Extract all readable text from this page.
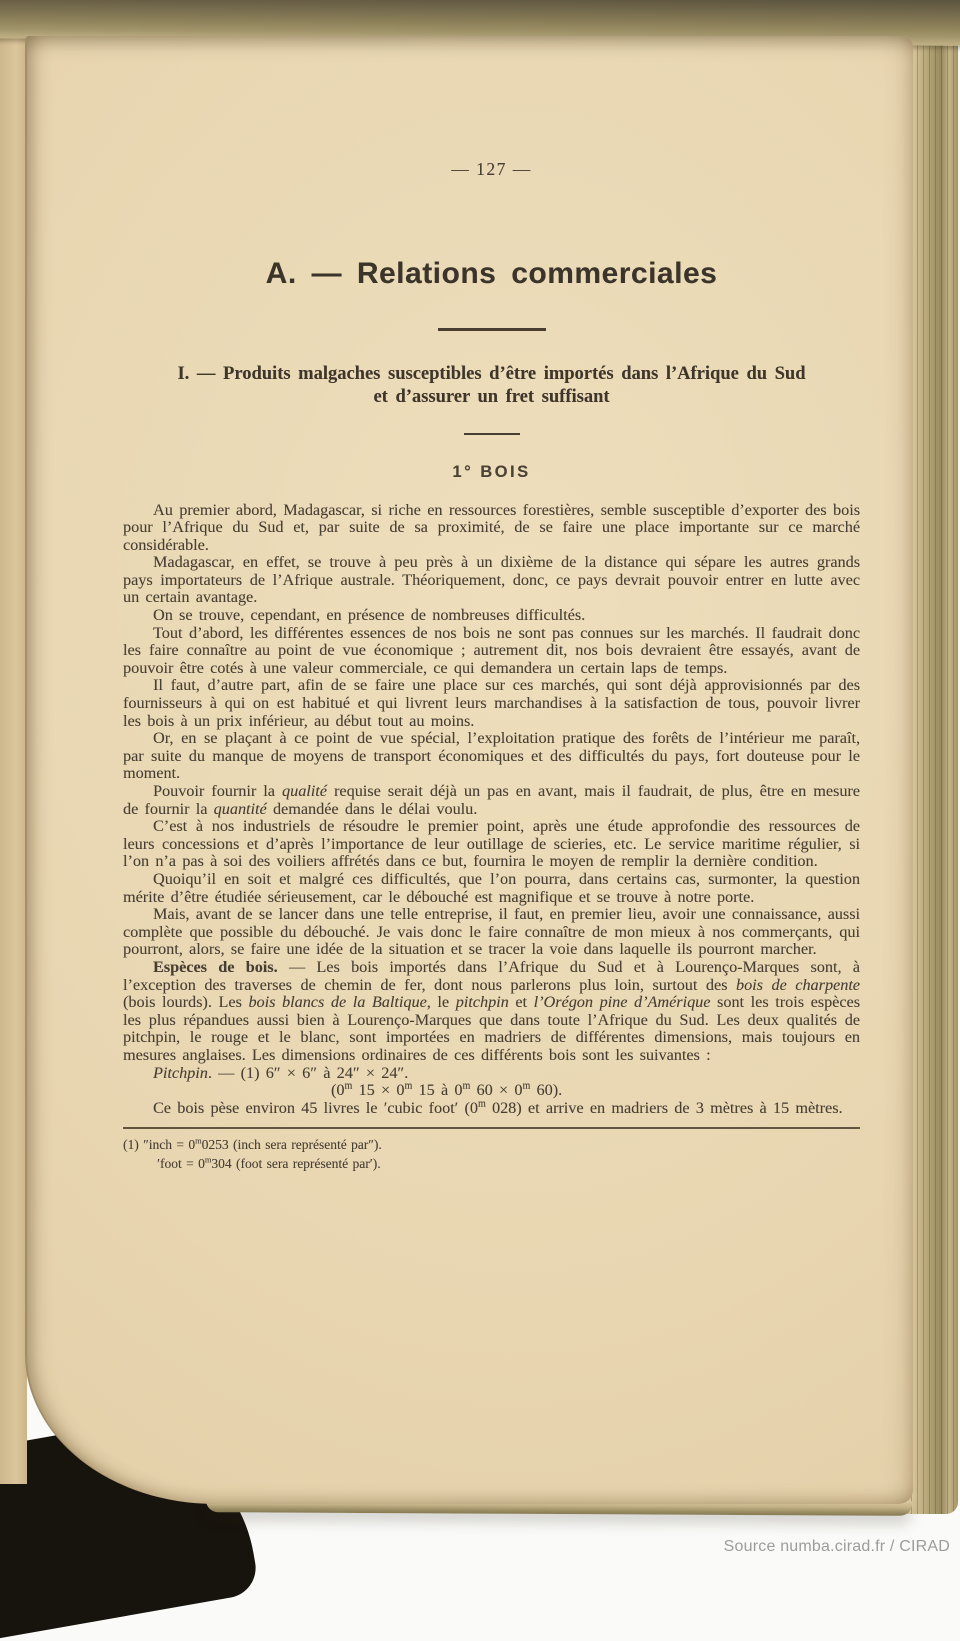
— 127 —
A. — Relations commerciales
I. — Produits malgaches susceptibles d’être importés dans l’Afrique du Sud
et d’assurer un fret suffisant
1° BOIS

Au premier abord, Madagascar, si riche en ressources forestières, semble susceptible d’exporter des bois pour l’Afrique du Sud et, par suite de sa proximité, de se faire une place importante sur ce marché considérable.

Madagascar, en effet, se trouve à peu près à un dixième de la distance qui sépare les autres grands pays importateurs de l’Afrique australe. Théoriquement, donc, ce pays devrait pouvoir entrer en lutte avec un certain avantage.

On se trouve, cependant, en présence de nombreuses difficultés.

Tout d’abord, les différentes essences de nos bois ne sont pas connues sur les marchés. Il faudrait donc les faire connaître au point de vue économique ; autrement dit, nos bois devraient être essayés, avant de pouvoir être cotés à une valeur commerciale, ce qui demandera un certain laps de temps.

Il faut, d’autre part, afin de se faire une place sur ces marchés, qui sont déjà approvisionnés par des fournisseurs à qui on est habitué et qui livrent leurs marchandises à la satisfaction de tous, pouvoir livrer les bois à un prix inférieur, au début tout au moins.

Or, en se plaçant à ce point de vue spécial, l’exploitation pratique des forêts de l’intérieur me paraît, par suite du manque de moyens de transport économiques et des difficultés du pays, fort douteuse pour le moment.

Pouvoir fournir la qualité requise serait déjà un pas en avant, mais il faudrait, de plus, être en mesure de fournir la quantité demandée dans le délai voulu.

C’est à nos industriels de résoudre le premier point, après une étude approfondie des ressources de leurs concessions et d’après l’importance de leur outillage de scieries, etc. Le service maritime régulier, si l’on n’a pas à soi des voiliers affrétés dans ce but, fournira le moyen de remplir la dernière condition.

Quoiqu’il en soit et malgré ces difficultés, que l’on pourra, dans certains cas, surmonter, la question mérite d’être étudiée sérieusement, car le débouché est magnifique et se trouve à notre porte.

Mais, avant de se lancer dans une telle entreprise, il faut, en premier lieu, avoir une connaissance, aussi complète que possible du débouché. Je vais donc le faire connaître de mon mieux à nos commerçants, qui pourront, alors, se faire une idée de la situation et se tracer la voie dans laquelle ils pourront marcher.

Espèces de bois. — Les bois importés dans l’Afrique du Sud et à Lourenço-Marques sont, à l’exception des traverses de chemin de fer, dont nous parlerons plus loin, surtout des bois de charpente (bois lourds). Les bois blancs de la Baltique, le pitchpin et l’Orégon pine d’Amérique sont les trois espèces les plus répandues aussi bien à Lourenço-Marques que dans toute l’Afrique du Sud. Les deux qualités de pitchpin, le rouge et le blanc, sont importées en madriers de différentes dimensions, mais toujours en mesures anglaises. Les dimensions ordinaires de ces différents bois sont les suivantes :

Pitchpin. — (1) 6″ × 6″ à 24″ × 24″.

(0$^m$ $15 \times 0^m$ 15 à 0$^m$ $60 \times 0^m$ 60).

Ce bois pèse environ 45 livres le ′cubic foot′ (0$^m$ 028) et arrive en madriers de 3 mètres à 15 mètres.

(1) ″inch = $0^m0253$ (inch sera représenté par″).

′foot = $0^m304$ (foot sera représenté par′).

Source numba.cirad.fr / CIRAD
